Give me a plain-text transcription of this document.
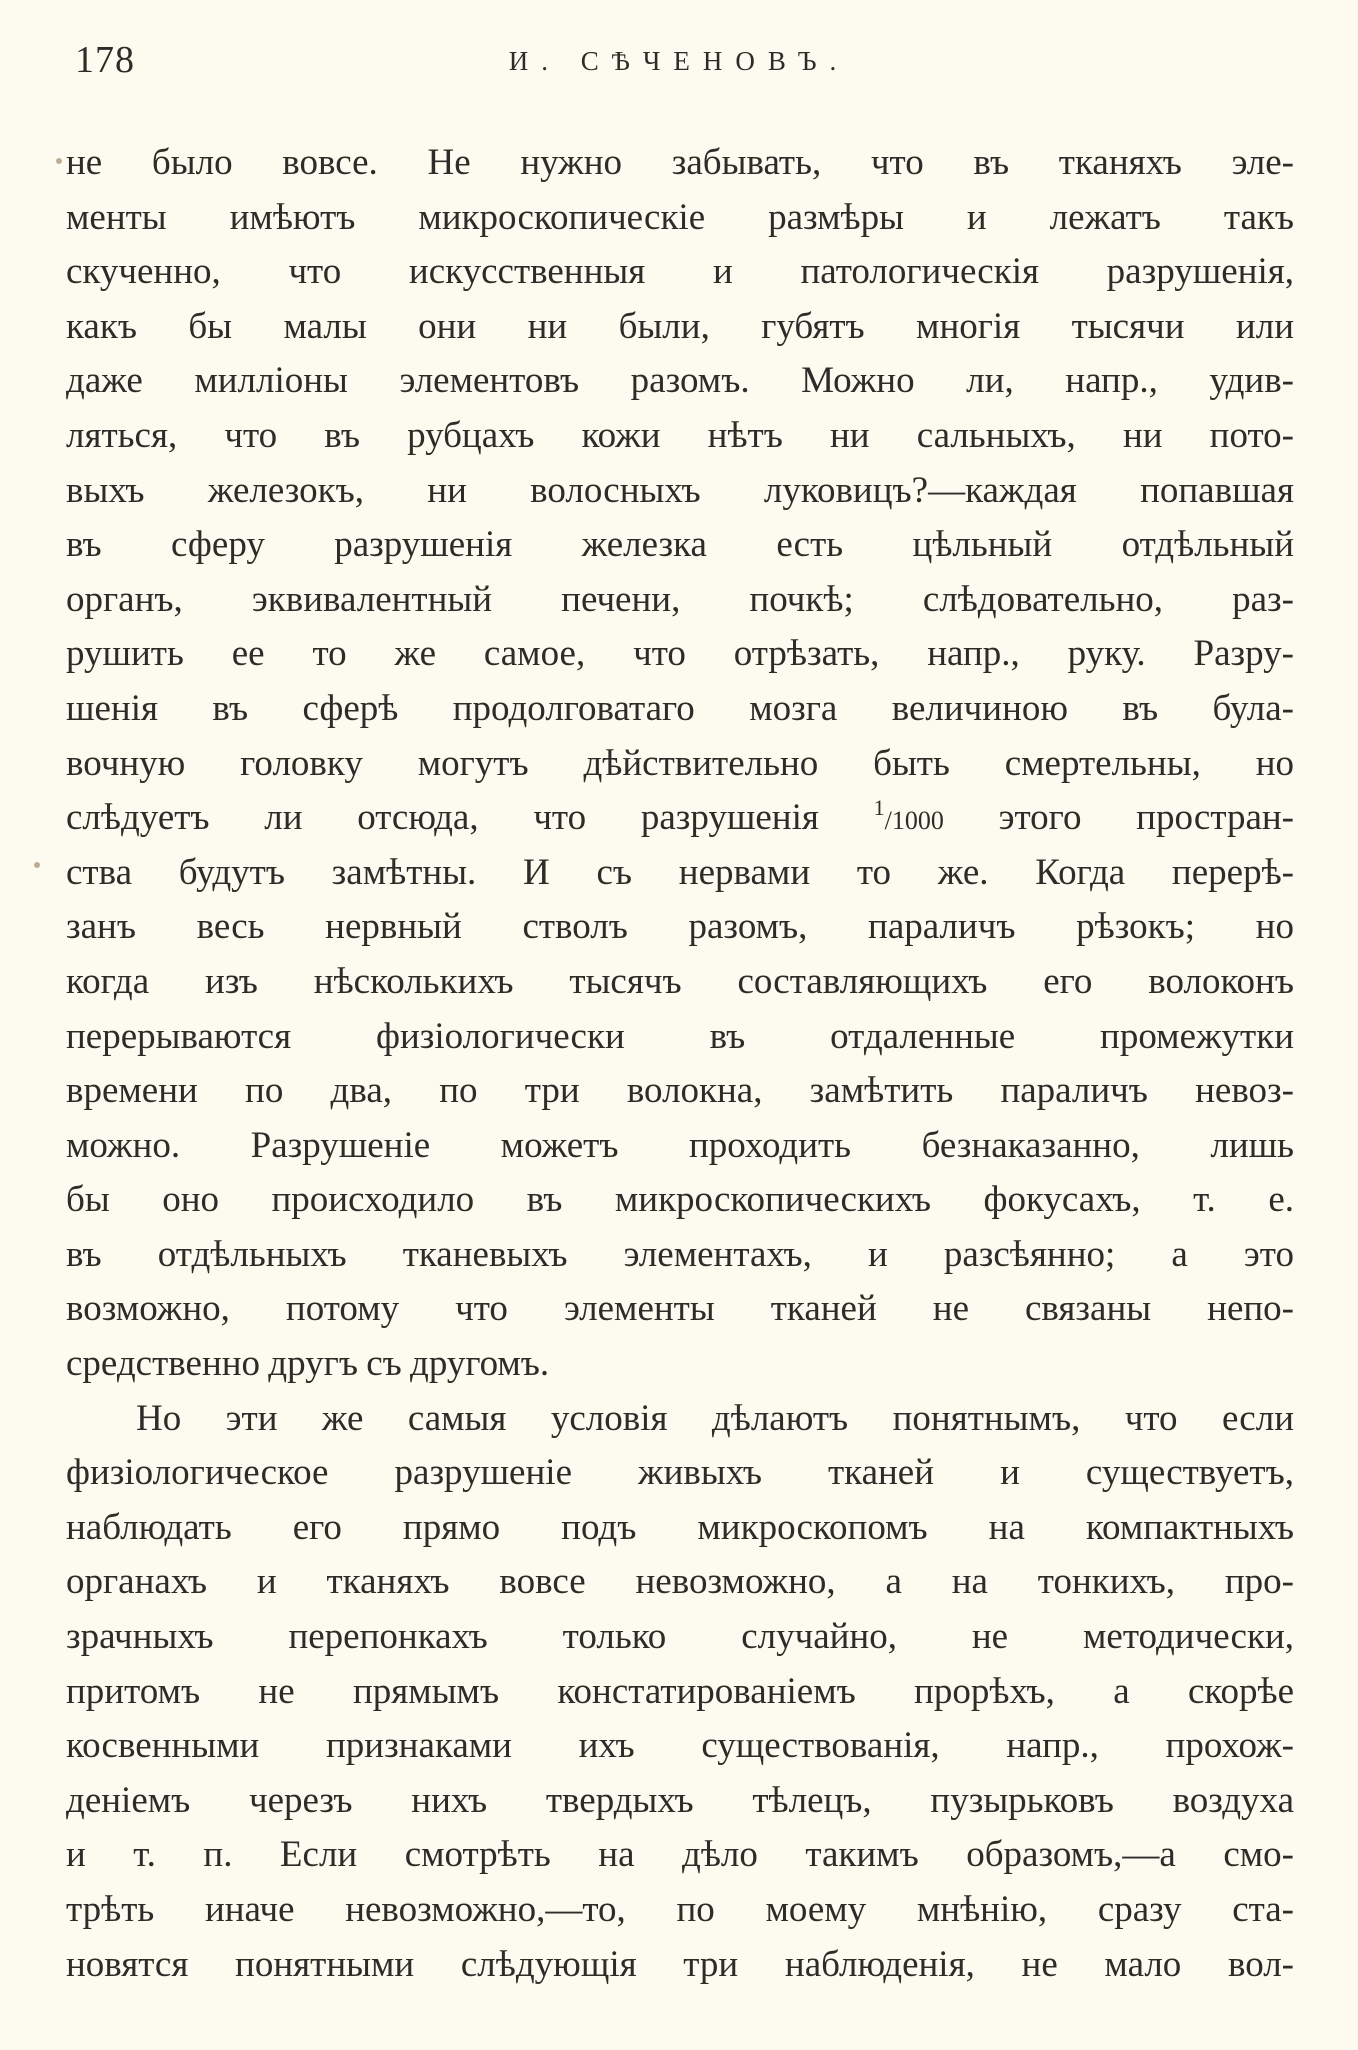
178	И. СѢЧЕНОВЪ.
не было вовсе. Не нужно забывать, что въ тканяхъ эле-
менты имѣютъ микроскопическіе размѣры и лежатъ такъ
скученно, что искусственныя и патологическія разрушенія,
какъ бы малы они ни были, губятъ многія тысячи или
даже милліоны элементовъ разомъ. Можно ли, напр., удив-
ляться, что въ рубцахъ кожи нѣтъ ни сальныхъ, ни пото-
выхъ железокъ, ни волосныхъ луковицъ?—каждая попавшая
въ сферу разрушенія железка есть цѣльный отдѣльный
органъ, эквивалентный печени, почкѣ; слѣдовательно, раз-
рушить ее то же самое, что отрѣзать, напр., руку. Разру-
шенія въ сферѣ продолговатаго мозга величиною въ була-
вочную головку могутъ дѣйствительно быть смертельны, но
слѣдуетъ ли отсюда, что разрушенія $^1$/1000 этого простран-
ства будутъ замѣтны. И съ нервами то же. Когда перерѣ-
занъ весь нервный стволъ разомъ, параличъ рѣзокъ; но
когда изъ нѣсколькихъ тысячъ составляющихъ его волоконъ
перерываются физіологически въ отдаленные промежутки
времени по два, по три волокна, замѣтить параличъ невоз-
можно. Разрушеніе можетъ проходить безнаказанно, лишь
бы оно происходило въ микроскопическихъ фокусахъ, т. е.
въ отдѣльныхъ тканевыхъ элементахъ, и разсѣянно; а это
возможно, потому что элементы тканей не связаны непо-
средственно другъ съ другомъ.
Но эти же самыя условія дѣлаютъ понятнымъ, что если
физіологическое разрушеніе живыхъ тканей и существуетъ,
наблюдать его прямо подъ микроскопомъ на компактныхъ
органахъ и тканяхъ вовсе невозможно, а на тонкихъ, про-
зрачныхъ перепонкахъ только случайно, не методически,
притомъ не прямымъ констатированіемъ прорѣхъ, а скорѣе
косвенными признаками ихъ существованія, напр., прохож-
деніемъ черезъ нихъ твердыхъ тѣлецъ, пузырьковъ воздуха
и т. п. Если смотрѣть на дѣло такимъ образомъ,—а смо-
трѣть иначе невозможно,—то, по моему мнѣнію, сразу ста-
новятся понятными слѣдующія три наблюденія, не мало вол-
